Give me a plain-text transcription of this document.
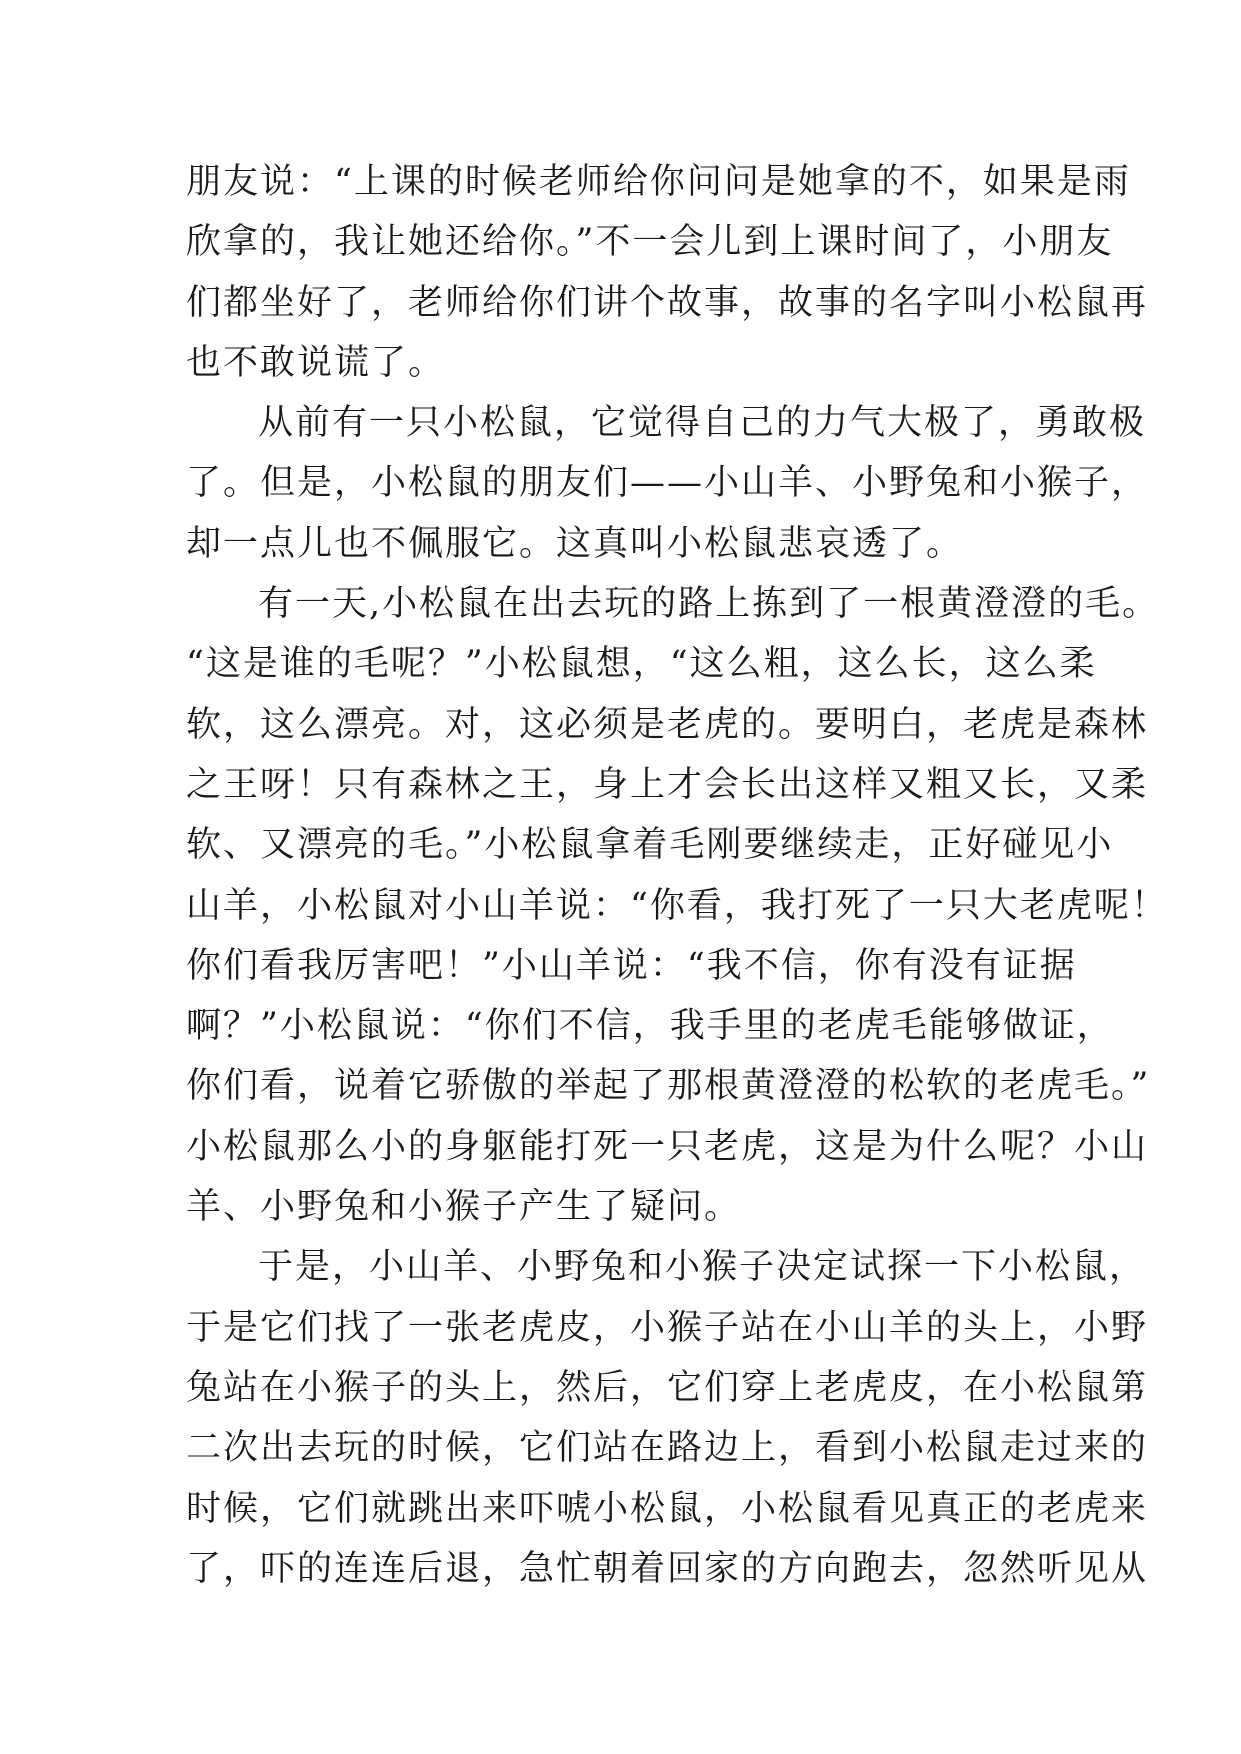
朋友说：“上课的时候老师给你问问是她拿的不，如果是雨
欣拿的，我让她还给你。”不一会儿到上课时间了，小朋友
们都坐好了，老师给你们讲个故事，故事的名字叫小松鼠再
也不敢说谎了。
从前有一只小松鼠，它觉得自己的力气大极了，勇敢极
了。但是，小松鼠的朋友们——小山羊、小野兔和小猴子，
却一点儿也不佩服它。这真叫小松鼠悲哀透了。
有一天,小松鼠在出去玩的路上拣到了一根黄澄澄的毛。
“这是谁的毛呢？”小松鼠想，“这么粗，这么长，这么柔
软，这么漂亮。对，这必须是老虎的。要明白，老虎是森林
之王呀！只有森林之王，身上才会长出这样又粗又长，又柔
软、又漂亮的毛。”小松鼠拿着毛刚要继续走，正好碰见小
山羊，小松鼠对小山羊说：“你看，我打死了一只大老虎呢！
你们看我厉害吧！”小山羊说：“我不信，你有没有证据
啊？”小松鼠说：“你们不信，我手里的老虎毛能够做证，
你们看，说着它骄傲的举起了那根黄澄澄的松软的老虎毛。”
小松鼠那么小的身躯能打死一只老虎，这是为什么呢？小山
羊、小野兔和小猴子产生了疑问。
于是，小山羊、小野兔和小猴子决定试探一下小松鼠，
于是它们找了一张老虎皮，小猴子站在小山羊的头上，小野
兔站在小猴子的头上，然后，它们穿上老虎皮，在小松鼠第
二次出去玩的时候，它们站在路边上，看到小松鼠走过来的
时候，它们就跳出来吓唬小松鼠，小松鼠看见真正的老虎来
了，吓的连连后退，急忙朝着回家的方向跑去，忽然听见从
